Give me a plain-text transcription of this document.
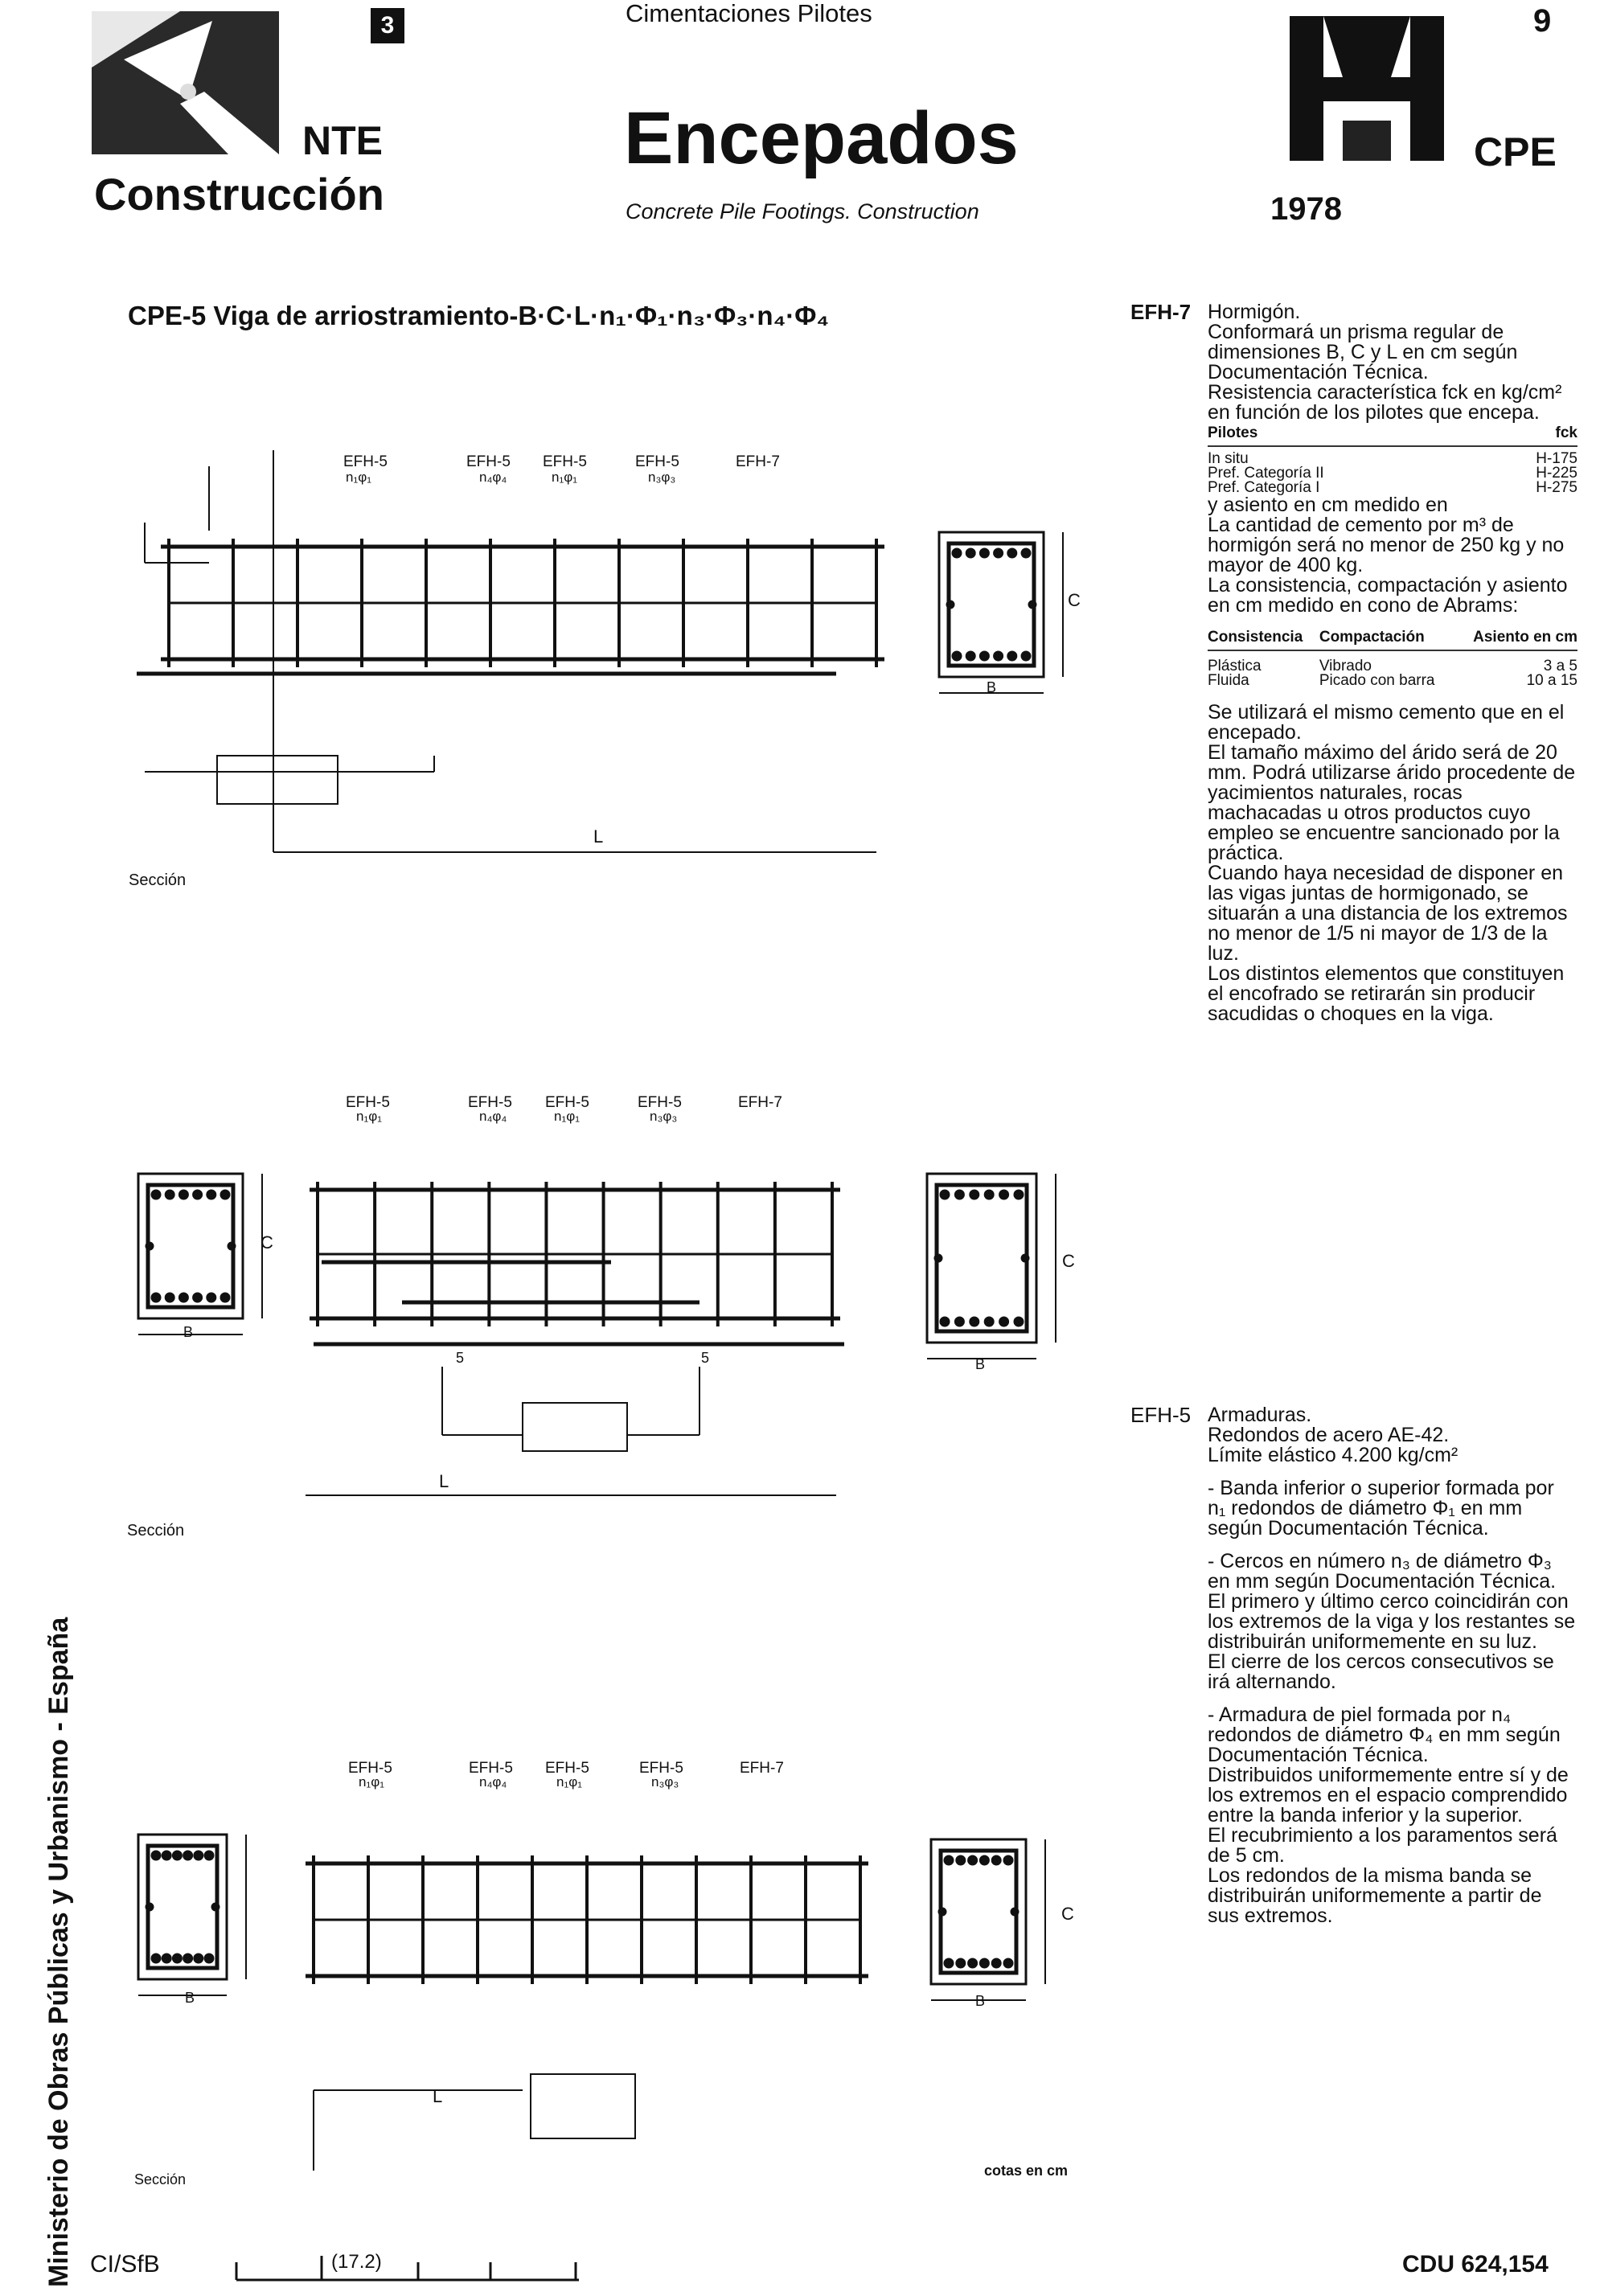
3
NTE
Construcción
Cimentaciones Pilotes
Encepados
Concrete Pile Footings. Construction
9
CPE
1978
CPE-5 Viga de arriostramiento-B·C·L·n₁·Φ₁·n₃·Φ₃·n₄·Φ₄
EFH-5	EFH-5 EFH-5	EFH-5	EFH-7
n₁φ₁	n₄φ₄	n₁φ₁	n₃φ₃
C
B
L
Sección
EFH-5	EFH-5 EFH-5	EFH-5	EFH-7
n₁φ₁	n₄φ₄	n₁φ₁	n₃φ₃
C
C
B
B
5	5
L
Sección
EFH-5	EFH-5 EFH-5	EFH-5	EFH-7
n₁φ₁	n₄φ₄	n₁φ₁	n₃φ₃
C
B	B
L
Sección
cotas en cm
EFH-7 Hormigón.

Conformará un prisma regular de dimensiones B, C y L en cm según Documentación Técnica.
Resistencia característica fck en kg/cm² en función de los pilotes que encepa.

Pilotes	fck
In situ	H-175
Pref. Categoría II	H-225
Pref. Categoría I	H-275

y asiento en cm medido en
La cantidad de cemento por m³ de hormigón será no menor de 250 kg y no mayor de 400 kg.
La consistencia, compactación y asiento en cm medido en cono de Abrams:

Consistencia	Compactación	Asiento en cm
Plástica	Vibrado	3 a 5
Fluida	Picado con barra	10 a 15

Se utilizará el mismo cemento que en el encepado.
El tamaño máximo del árido será de 20 mm. Podrá utilizarse árido procedente de yacimientos naturales, rocas machacadas u otros productos cuyo empleo se encuentre sancionado por la práctica.
Cuando haya necesidad de disponer en las vigas juntas de hormigonado, se situarán a una distancia de los extremos no menor de 1/5 ni mayor de 1/3 de la luz.
Los distintos elementos que constituyen el encofrado se retirarán sin producir sacudidas o choques en la viga.

EFH-5 Armaduras.

Redondos de acero AE-42.
Límite elástico 4.200 kg/cm²

- Banda inferior o superior formada por n₁ redondos de diámetro Φ₁ en mm según Documentación Técnica.

- Cercos en número n₃ de diámetro Φ₃ en mm según Documentación Técnica.
El primero y último cerco coincidirán con los extremos de la viga y los restantes se distribuirán uniformemente en su luz.
El cierre de los cercos consecutivos se irá alternando.

- Armadura de piel formada por n₄ redondos de diámetro Φ₄ en mm según Documentación Técnica.
Distribuidos uniformemente entre sí y de los extremos en el espacio comprendido entre la banda inferior y la superior.
El recubrimiento a los paramentos será de 5 cm.
Los redondos de la misma banda se distribuirán uniformemente a partir de sus extremos.

Ministerio de Obras Públicas y Urbanismo - España CI/SfB	(17.2)	CDU 624,154
